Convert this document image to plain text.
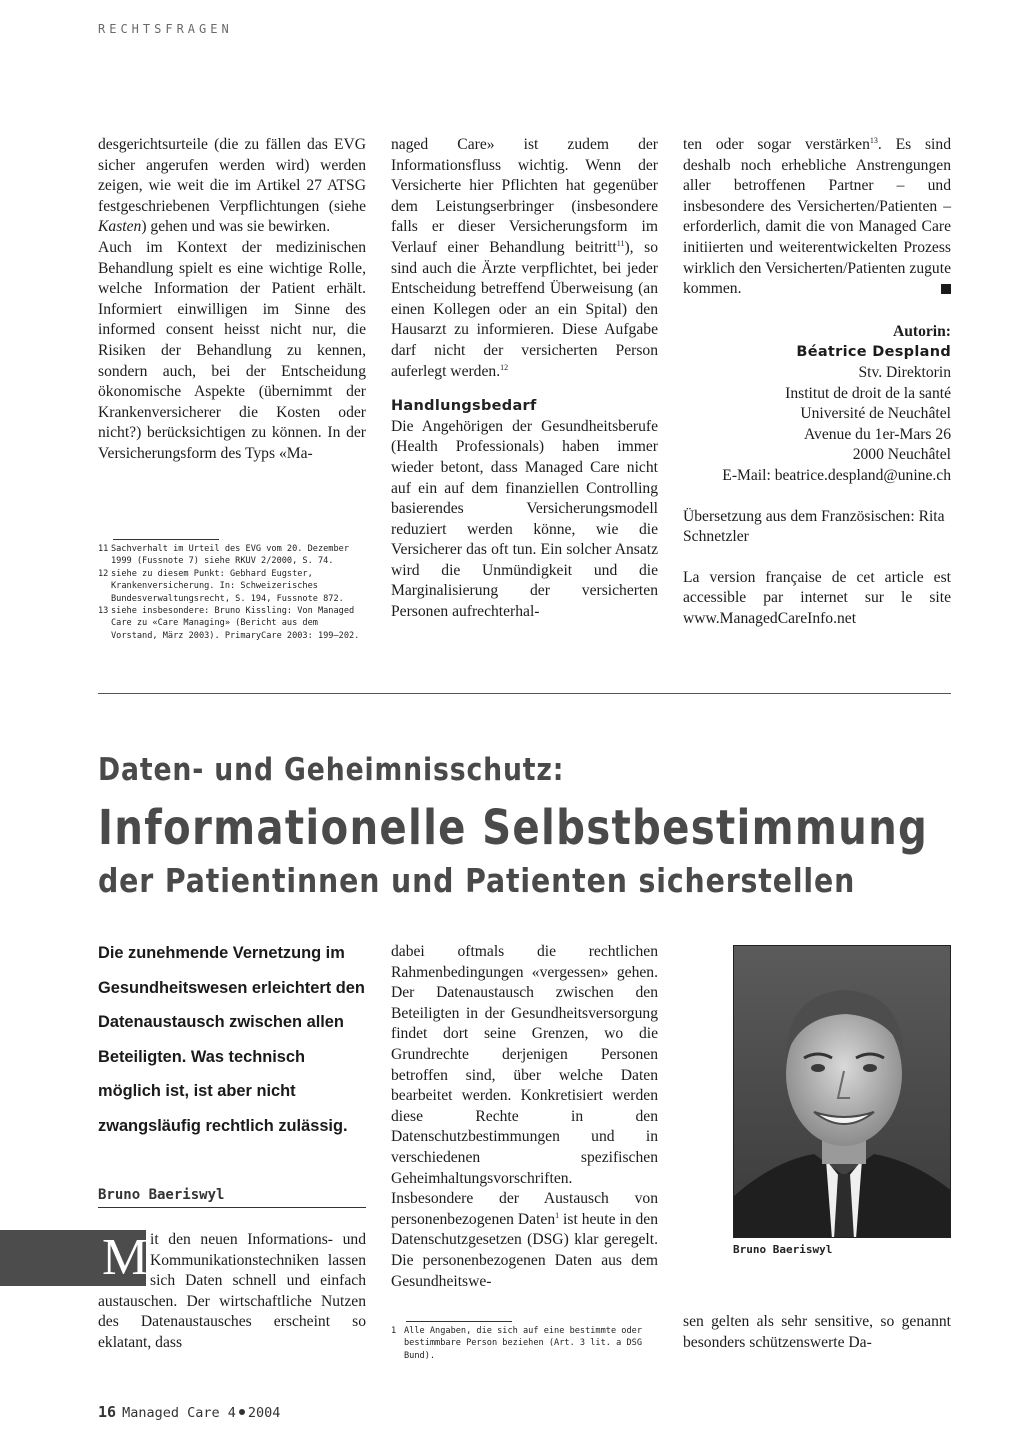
RECHTSFRAGEN

desgerichtsurteile (die zu fällen das EVG sicher angerufen werden wird) werden zeigen, wie weit die im Artikel 27 ATSG festgeschriebenen Verpflichtungen (siehe Kasten) gehen und was sie bewirken.

Auch im Kontext der medizinischen Behandlung spielt es eine wichtige Rolle, welche Information der Patient erhält. Informiert einwilligen im Sinne des informed consent heisst nicht nur, die Risiken der Behandlung zu kennen, sondern auch, bei der Entscheidung ökonomische Aspekte (übernimmt der Krankenversicherer die Kosten oder nicht?) berücksichtigen zu können. In der Versicherungsform des Typs «Ma-

11 Sachverhalt im Urteil des EVG vom 20. Dezember 1999 (Fussnote 7) siehe RKUV 2/2000, S. 74.
12 siehe zu diesem Punkt: Gebhard Eugster, Krankenversicherung. In: Schweizerisches Bundesverwaltungsrecht, S. 194, Fussnote 872.
13 siehe insbesondere: Bruno Kissling: Von Managed Care zu «Care Managing» (Bericht aus dem Vorstand, März 2003). PrimaryCare 2003: 199–202.

naged Care» ist zudem der Informationsfluss wichtig. Wenn der Versicherte hier Pflichten hat gegenüber dem Leistungserbringer (insbesondere falls er dieser Versicherungsform im Verlauf einer Behandlung beitritt$^{11}$), so sind auch die Ärzte verpflichtet, bei jeder Entscheidung betreffend Überweisung (an einen Kollegen oder an ein Spital) den Hausarzt zu informieren. Diese Aufgabe darf nicht der versicherten Person auferlegt werden.$^{12}$

Handlungsbedarf

Die Angehörigen der Gesundheitsberufe (Health Professionals) haben immer wieder betont, dass Managed Care nicht auf ein auf dem finanziellen Controlling basierendes Versicherungsmodell reduziert werden könne, wie die Versicherer das oft tun. Ein solcher Ansatz wird die Unmündigkeit und die Marginalisierung der versicherten Personen aufrechterhal-

ten oder sogar verstärken$^{13}$. Es sind deshalb noch erhebliche Anstrengungen aller betroffenen Partner – und insbesondere des Versicherten/Patienten – erforderlich, damit die von Managed Care initiierten und weiterentwickelten Prozess wirklich den Versicherten/Patienten zugute kommen.

Autorin:
Béatrice Despland
Stv. Direktorin
Institut de droit de la santé
Université de Neuchâtel
Avenue du 1er-Mars 26
2000 Neuchâtel
E-Mail: beatrice.despland@unine.ch

Übersetzung aus dem Französischen: Rita Schnetzler

La version française de cet article est accessible par internet sur le site www.ManagedCareInfo.net

Daten- und Geheimnisschutz:
Informationelle Selbstbestimmung
der Patientinnen und Patienten sicherstellen
Die zunehmende Vernetzung im Gesundheitswesen erleichtert den Datenaustausch zwischen allen Beteiligten. Was technisch möglich ist, ist aber nicht zwangsläufig rechtlich zulässig.
Bruno Baeriswyl
M it den neuen Informations- und Kommunikationstechniken lassen sich Daten schnell und einfach austauschen. Der wirtschaftliche Nutzen des Datenaustausches erscheint so eklatant, dass

dabei oftmals die rechtlichen Rahmenbedingungen «vergessen» gehen. Der Datenaustausch zwischen den Beteiligten in der Gesundheitsversorgung findet dort seine Grenzen, wo die Grundrechte derjenigen Personen betroffen sind, über welche Daten bearbeitet werden. Konkretisiert werden diese Rechte in den Datenschutzbestimmungen und in verschiedenen spezifischen Geheimhaltungsvorschriften.

Insbesondere der Austausch von personenbezogenen Daten$^1$ ist heute in den Datenschutzgesetzen (DSG) klar geregelt. Die personenbezogenen Daten aus dem Gesundheitswe-

1 Alle Angaben, die sich auf eine bestimmte oder bestimmbare Person beziehen (Art. 3 lit. a DSG Bund).
Bruno Baeriswyl

sen gelten als sehr sensitive, so genannt besonders schützenswerte Da-

16 Managed Care 4 2004
